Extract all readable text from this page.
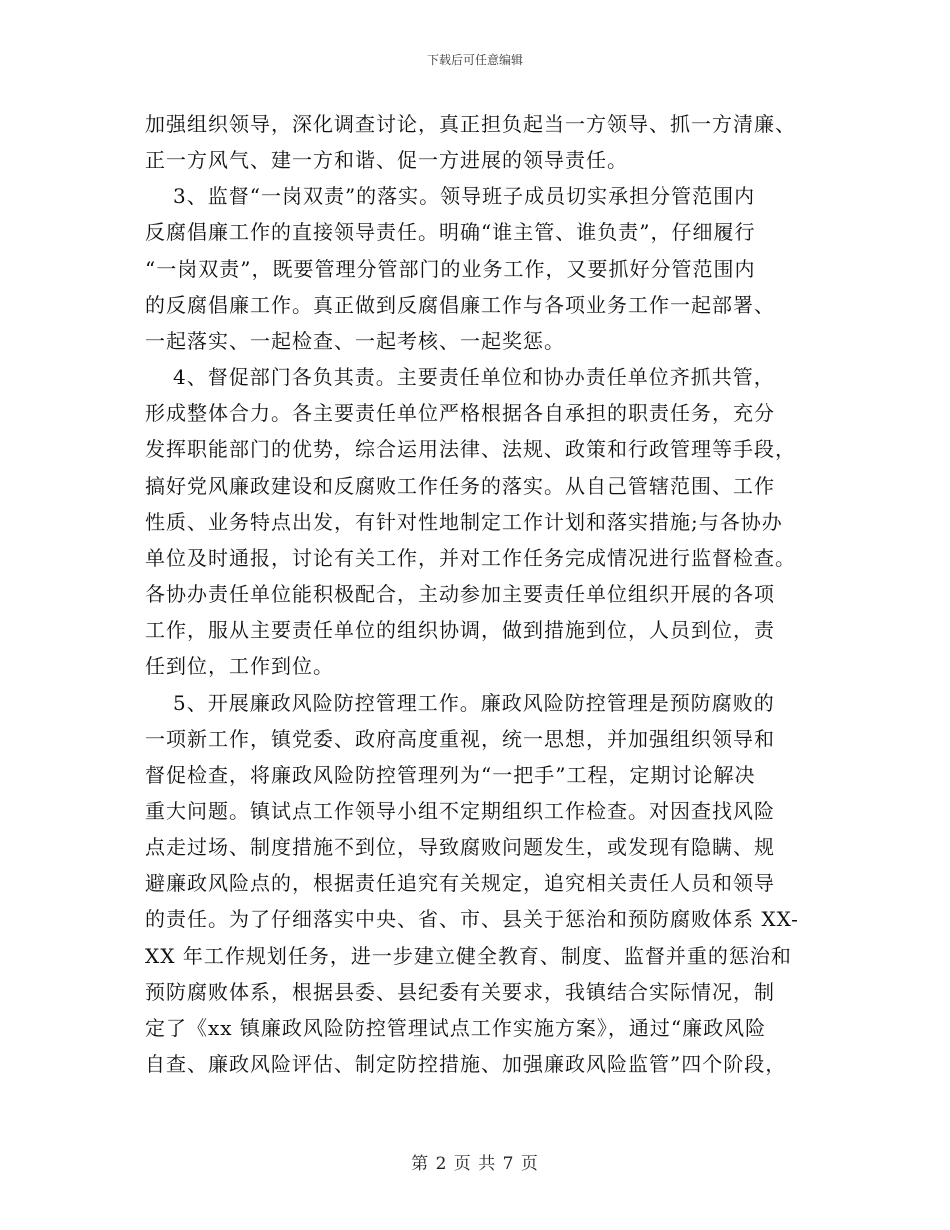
下载后可任意编辑

加强组织领导，深化调查讨论，真正担负起当一方领导、抓一方清廉、

正一方风气、建一方和谐、促一方进展的领导责任。

3、监督“一岗双责”的落实。领导班子成员切实承担分管范围内

反腐倡廉工作的直接领导责任。明确“谁主管、谁负责”，仔细履行

“一岗双责”，既要管理分管部门的业务工作，又要抓好分管范围内

的反腐倡廉工作。真正做到反腐倡廉工作与各项业务工作一起部署、

一起落实、一起检查、一起考核、一起奖惩。

4、督促部门各负其责。主要责任单位和协办责任单位齐抓共管，

形成整体合力。各主要责任单位严格根据各自承担的职责任务，充分

发挥职能部门的优势，综合运用法律、法规、政策和行政管理等手段，

搞好党风廉政建设和反腐败工作任务的落实。从自己管辖范围、工作

性质、业务特点出发，有针对性地制定工作计划和落实措施;与各协办

单位及时通报，讨论有关工作，并对工作任务完成情况进行监督检查。

各协办责任单位能积极配合，主动参加主要责任单位组织开展的各项

工作，服从主要责任单位的组织协调，做到措施到位，人员到位，责

任到位，工作到位。

5、开展廉政风险防控管理工作。廉政风险防控管理是预防腐败的

一项新工作，镇党委、政府高度重视，统一思想，并加强组织领导和

督促检查，将廉政风险防控管理列为“一把手”工程，定期讨论解决

重大问题。镇试点工作领导小组不定期组织工作检查。对因查找风险

点走过场、制度措施不到位，导致腐败问题发生，或发现有隐瞒、规

避廉政风险点的，根据责任追究有关规定，追究相关责任人员和领导

的责任。为了仔细落实中央、省、市、县关于惩治和预防腐败体系 XX-

XX 年工作规划任务，进一步建立健全教育、制度、监督并重的惩治和

预防腐败体系，根据县委、县纪委有关要求，我镇结合实际情况，制

定了《xx 镇廉政风险防控管理试点工作实施方案》，通过“廉政风险

自查、廉政风险评估、制定防控措施、加强廉政风险监管”四个阶段，

第 2 页 共 7 页
